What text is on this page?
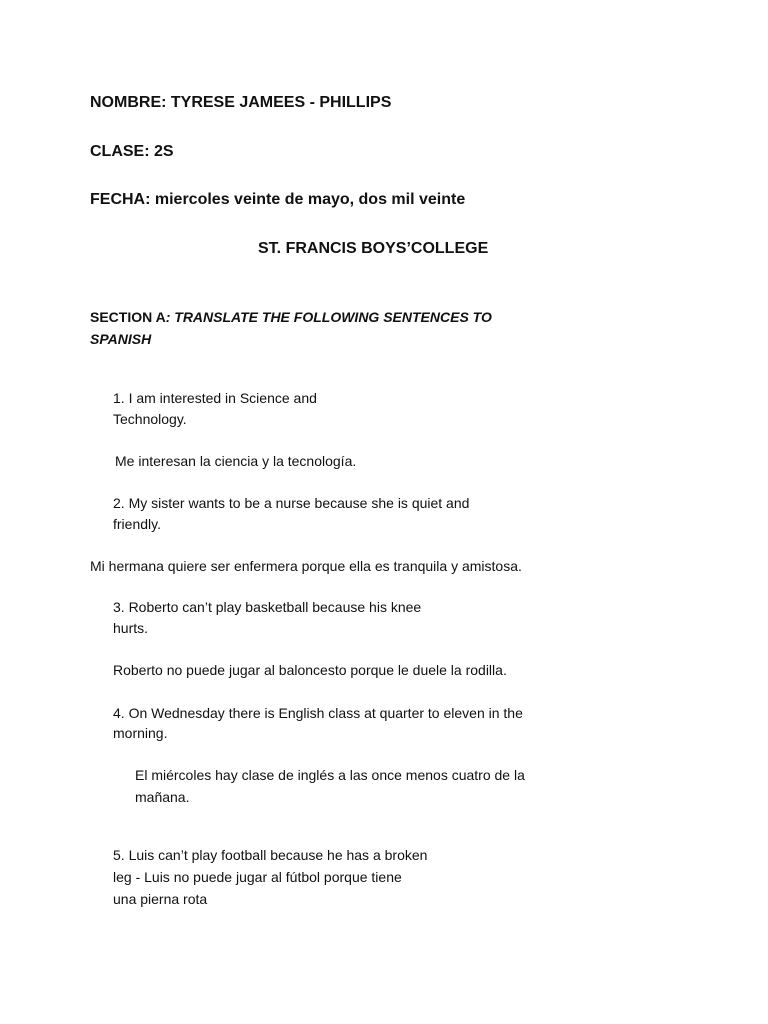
NOMBRE: TYRESE JAMEES - PHILLIPS
CLASE: 2S
FECHA: miercoles veinte de mayo, dos mil veinte
ST. FRANCIS BOYS’COLLEGE
SECTION A: TRANSLATE THE FOLLOWING SENTENCES TO
SPANISH
1. I am interested in Science and
Technology.
Me interesan la ciencia y la tecnología.
2. My sister wants to be a nurse because she is quiet and
friendly.
Mi hermana quiere ser enfermera porque ella es tranquila y amistosa.
3. Roberto can’t play basketball because his knee
hurts.
Roberto no puede jugar al baloncesto porque le duele la rodilla.
4. On Wednesday there is English class at quarter to eleven in the
morning.
El miércoles hay clase de inglés a las once menos cuatro de la
mañana.
5. Luis can’t play football because he has a broken
leg - Luis no puede jugar al fútbol porque tiene
una pierna rota
